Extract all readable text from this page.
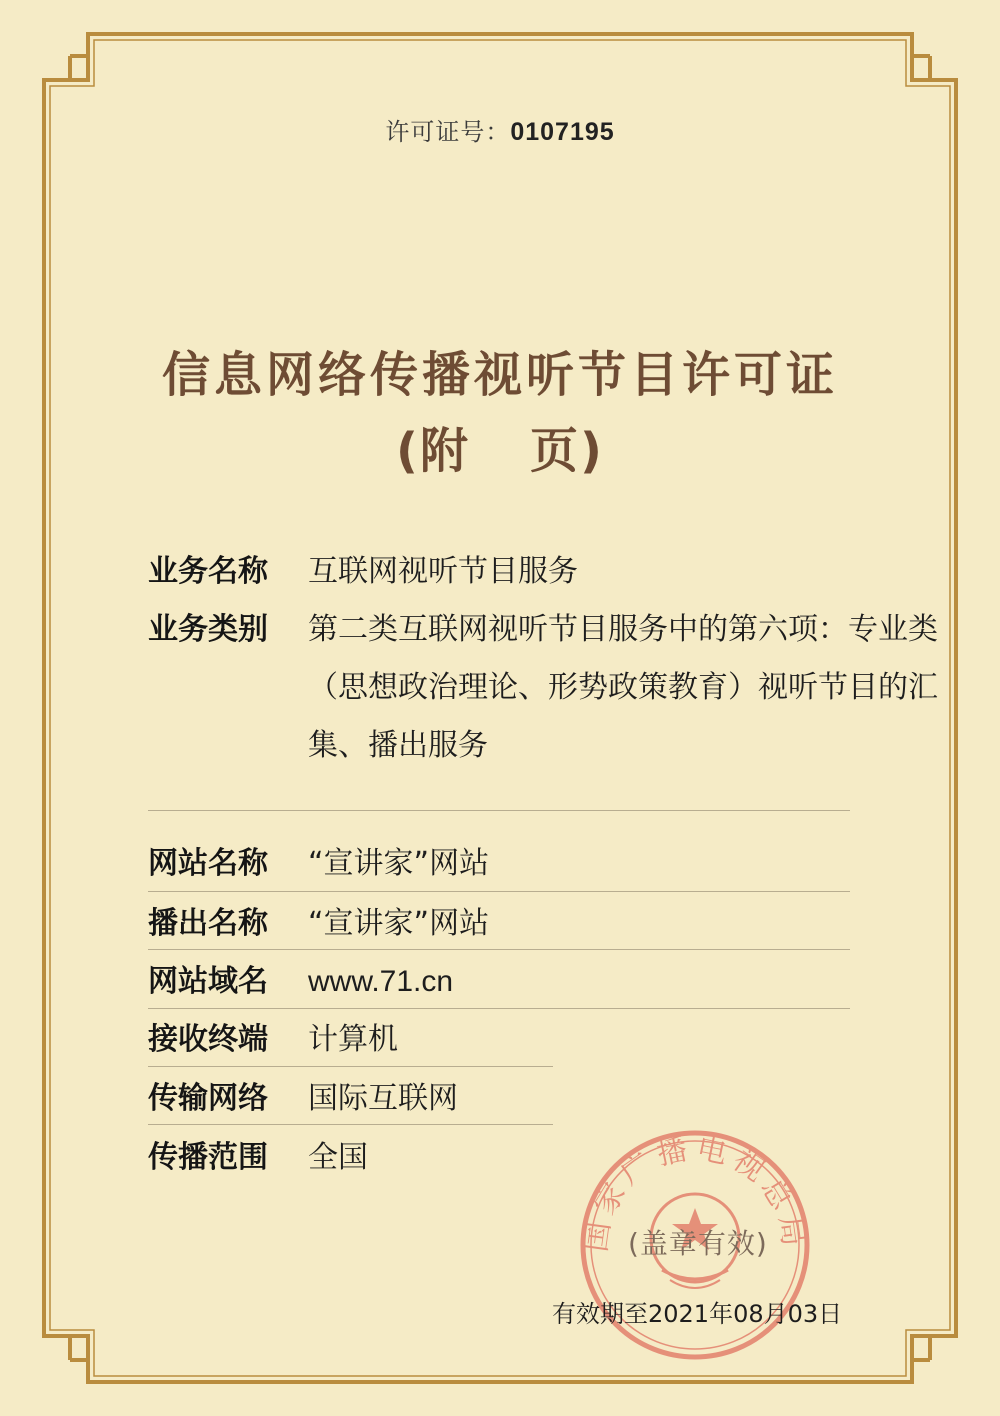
许可证号：0107195
信息网络传播视听节目许可证
(附 页)
业务名称	互联网视听节目服务
业务类别	第二类互联网视听节目服务中的第六项：专业类（思想政治理论、形势政策教育）视听节目的汇集、播出服务
网站名称	“宣讲家”网站
播出名称	“宣讲家”网站
网站域名	www.71.cn
接收终端	计算机
传输网络	国际互联网
传播范围	全国
国家广播电视总局
(盖章有效)
有效期至2021年08月03日
